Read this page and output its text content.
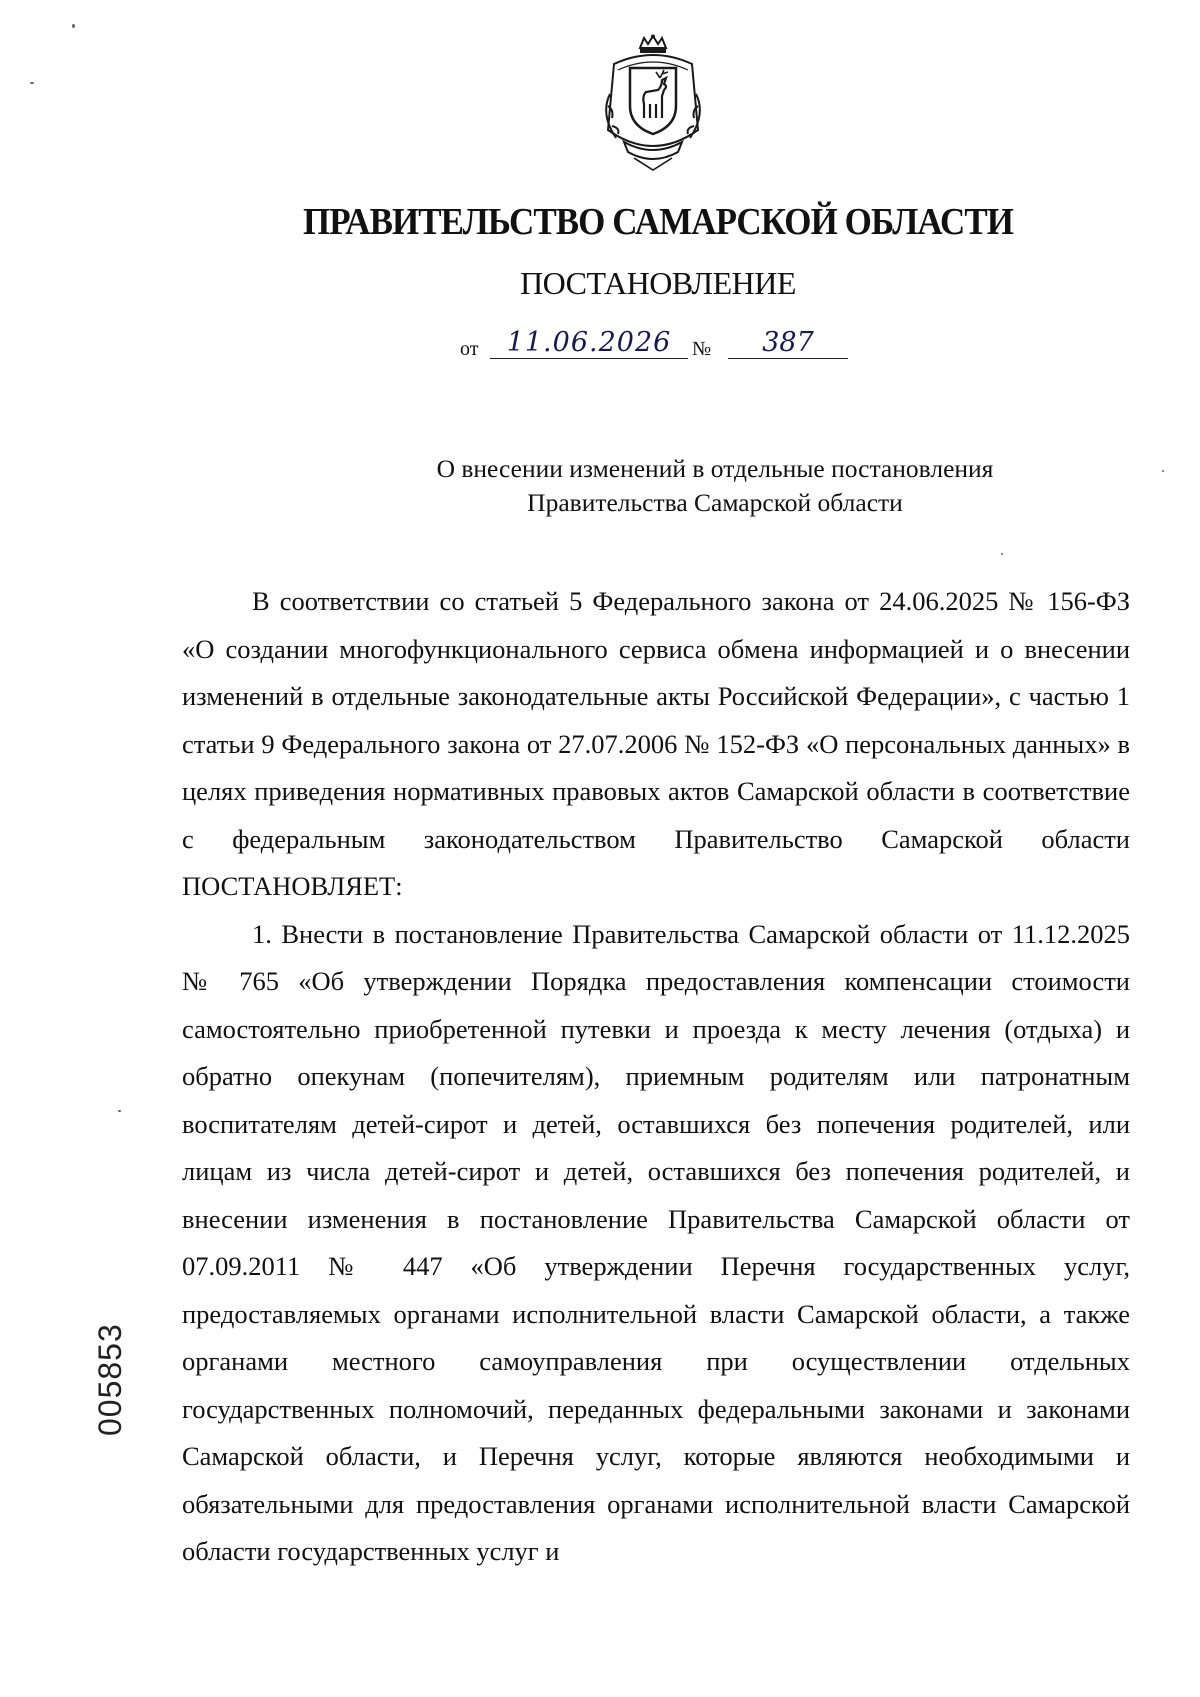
ПРАВИТЕЛЬСТВО САМАРСКОЙ ОБЛАСТИ
ПОСТАНОВЛЕНИЕ
от	11.06.2026	№	387
О внесении изменений в отдельные постановления
Правительства Самарской области

В соответствии со статьей 5 Федерального закона от 24.06.2025 № 156-ФЗ «О создании многофункционального сервиса обмена информацией и о внесении изменений в отдельные законодательные акты Российской Федерации», с частью 1 статьи 9 Федерального закона от 27.07.2006 № 152-ФЗ «О персональных данных» в целях приведения нормативных правовых актов Самарской области в соответствие с федеральным законодательством Правительство Самарской области ПОСТАНОВЛЯЕТ:

1. Внести в постановление Правительства Самарской области от 11.12.2025 № 765 «Об утверждении Порядка предоставления компенсации стоимости самостоятельно приобретенной путевки и проезда к месту лечения (отдыха) и обратно опекунам (попечителям), приемным родителям или патронатным воспитателям детей-сирот и детей, оставшихся без попечения родителей, или лицам из числа детей-сирот и детей, оставшихся без попечения родителей, и внесении изменения в постановление Правительства Самарской области от 07.09.2011 № 447 «Об утверждении Перечня государственных услуг, предоставляемых органами исполнительной власти Самарской области, а также органами местного самоуправления при осуществлении отдельных государственных полномочий, переданных федеральными законами и законами Самарской области, и Перечня услуг, которые являются необходимыми и обязательными для предоставления органами исполнительной власти Самарской области государственных услуг и

005853
